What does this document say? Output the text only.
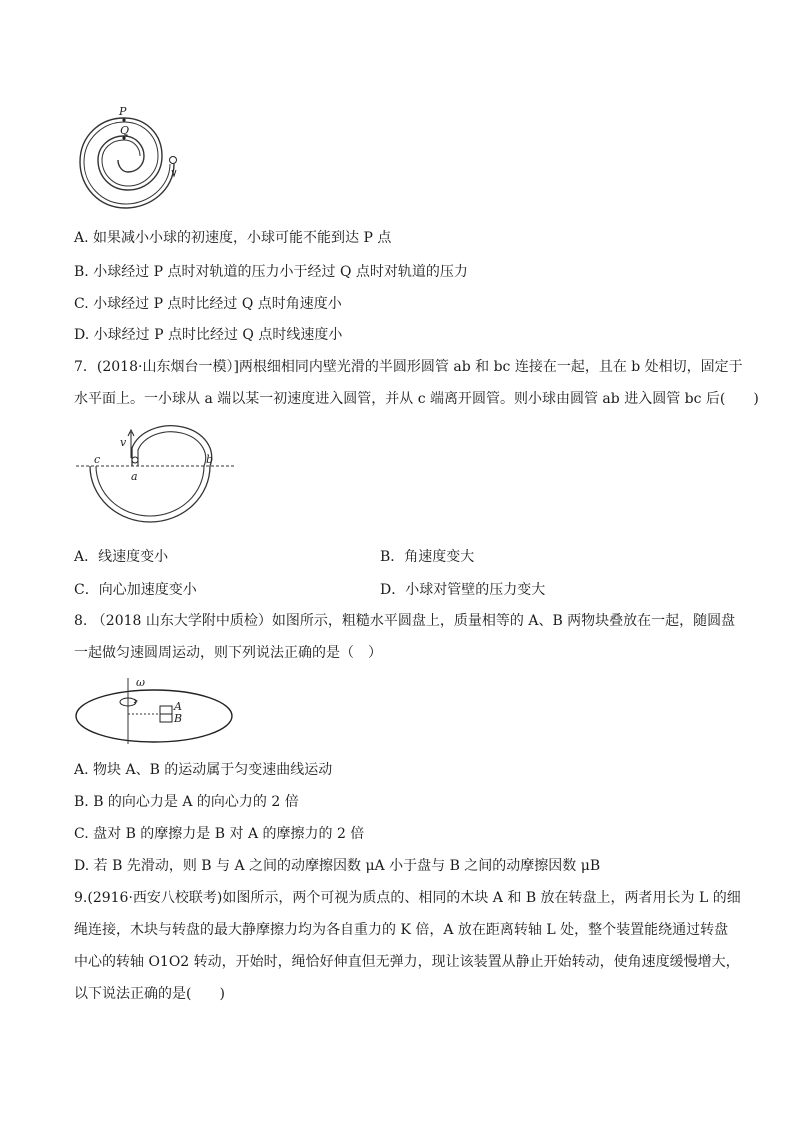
P
Q
A. 如果减小小球的初速度，小球可能不能到达 P 点
B. 小球经过 P 点时对轨道的压力小于经过 Q 点时对轨道的压力
C. 小球经过 P 点时比经过 Q 点时角速度小
D. 小球经过 P 点时比经过 Q 点时线速度小
7．(2018·山东烟台一模）]两根细相同内壁光滑的半圆形圆管 ab 和 bc 连接在一起，且在 b 处相切，固定于
水平面上。一小球从 a 端以某一初速度进入圆管，并从 c 端离开圆管。则小球由圆管 ab 进入圆管 bc 后(　　)
v
c
a
b
A．线速度变小	B．角速度变大
C．向心加速度变小	D．小球对管壁的压力变大
8. （2018 山东大学附中质检）如图所示，粗糙水平圆盘上，质量相等的 A、B 两物块叠放在一起，随圆盘
一起做匀速圆周运动，则下列说法正确的是（　）
ω
A
B
A. 物块 A、B 的运动属于匀变速曲线运动
B. B 的向心力是 A 的向心力的 2 倍
C. 盘对 B 的摩擦力是 B 对 A 的摩擦力的 2 倍
D. 若 B 先滑动，则 B 与 A 之间的动摩擦因数 μA 小于盘与 B 之间的动摩擦因数 μB
9.(2916·西安八校联考)如图所示，两个可视为质点的、相同的木块 A 和 B 放在转盘上，两者用长为 L 的细
绳连接，木块与转盘的最大静摩擦力均为各自重力的 K 倍，A 放在距离转轴 L 处，整个装置能绕通过转盘
中心的转轴 O1O2 转动，开始时，绳恰好伸直但无弹力，现让该装置从静止开始转动，使角速度缓慢增大，
以下说法正确的是(　　)
